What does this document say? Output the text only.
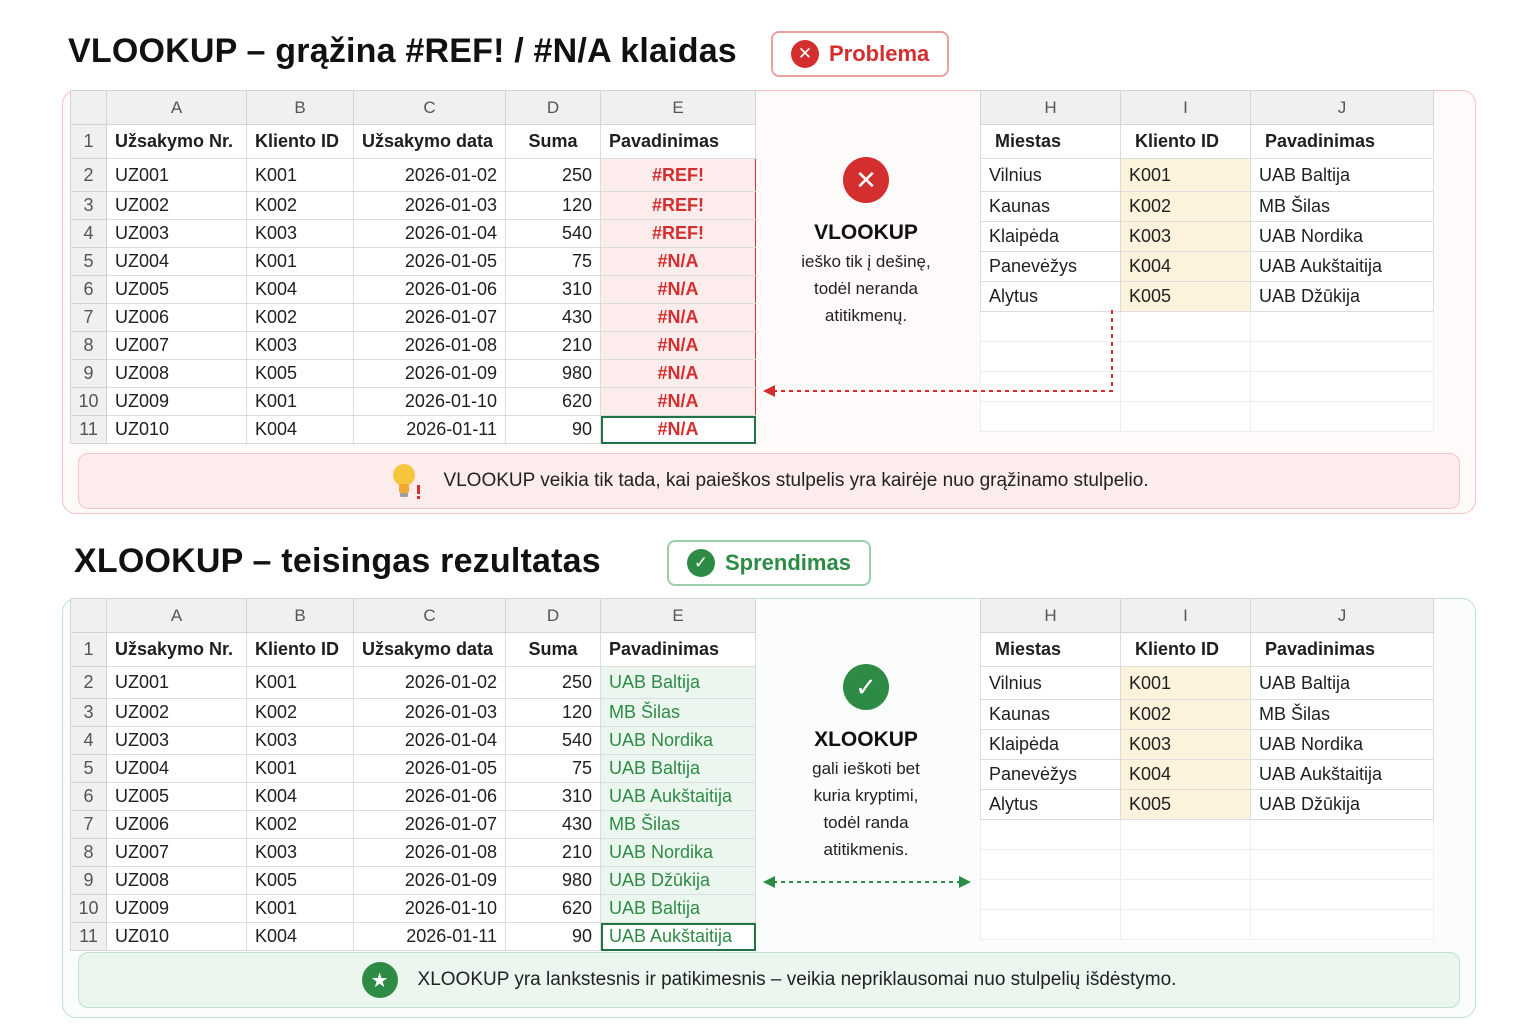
VLOOKUP – grąžina #REF! / #N/A klaidas	✕ Problema
	A	B	C	D	E
1	Užsakymo Nr.	Kliento ID	Užsakymo data	Suma	Pavadinimas
2	UZ001	K001	2026-01-02	250	#REF!
3	UZ002	K002	2026-01-03	120	#REF!
4	UZ003	K003	2026-01-04	540	#REF!
5	UZ004	K001	2026-01-05	75	#N/A
6	UZ005	K004	2026-01-06	310	#N/A
7	UZ006	K002	2026-01-07	430	#N/A
8	UZ007	K003	2026-01-08	210	#N/A
9	UZ008	K005	2026-01-09	980	#N/A
10	UZ009	K001	2026-01-10	620	#N/A
11	UZ010	K004	2026-01-11	90	#N/A
H	I	J
Miestas	Kliento ID	Pavadinimas
Vilnius	K001	UAB Baltija
Kaunas	K002	MB Šilas
Klaipėda	K003	UAB Nordika
Panevėžys	K004	UAB Aukštaitija
Alytus	K005	UAB Džūkija

✕
VLOOKUP
ieško tik į dešinę,
todėl neranda
atitikmenų.
VLOOKUP veikia tik tada, kai paieškos stulpelis yra kairėje nuo grąžinamo stulpelio.
XLOOKUP – teisingas rezultatas	✓ Sprendimas
	A	B	C	D	E
1	Užsakymo Nr.	Kliento ID	Užsakymo data	Suma	Pavadinimas
2	UZ001	K001	2026-01-02	250	UAB Baltija
3	UZ002	K002	2026-01-03	120	MB Šilas
4	UZ003	K003	2026-01-04	540	UAB Nordika
5	UZ004	K001	2026-01-05	75	UAB Baltija
6	UZ005	K004	2026-01-06	310	UAB Aukštaitija
7	UZ006	K002	2026-01-07	430	MB Šilas
8	UZ007	K003	2026-01-08	210	UAB Nordika
9	UZ008	K005	2026-01-09	980	UAB Džūkija
10	UZ009	K001	2026-01-10	620	UAB Baltija
11	UZ010	K004	2026-01-11	90	UAB Aukštaitija
H	I	J
Miestas	Kliento ID	Pavadinimas
Vilnius	K001	UAB Baltija
Kaunas	K002	MB Šilas
Klaipėda	K003	UAB Nordika
Panevėžys	K004	UAB Aukštaitija
Alytus	K005	UAB Džūkija

✓
XLOOKUP
gali ieškoti bet
kuria kryptimi,
todėl randa
atitikmenis.
★	XLOOKUP yra lankstesnis ir patikimesnis – veikia nepriklausomai nuo stulpelių išdėstymo.
